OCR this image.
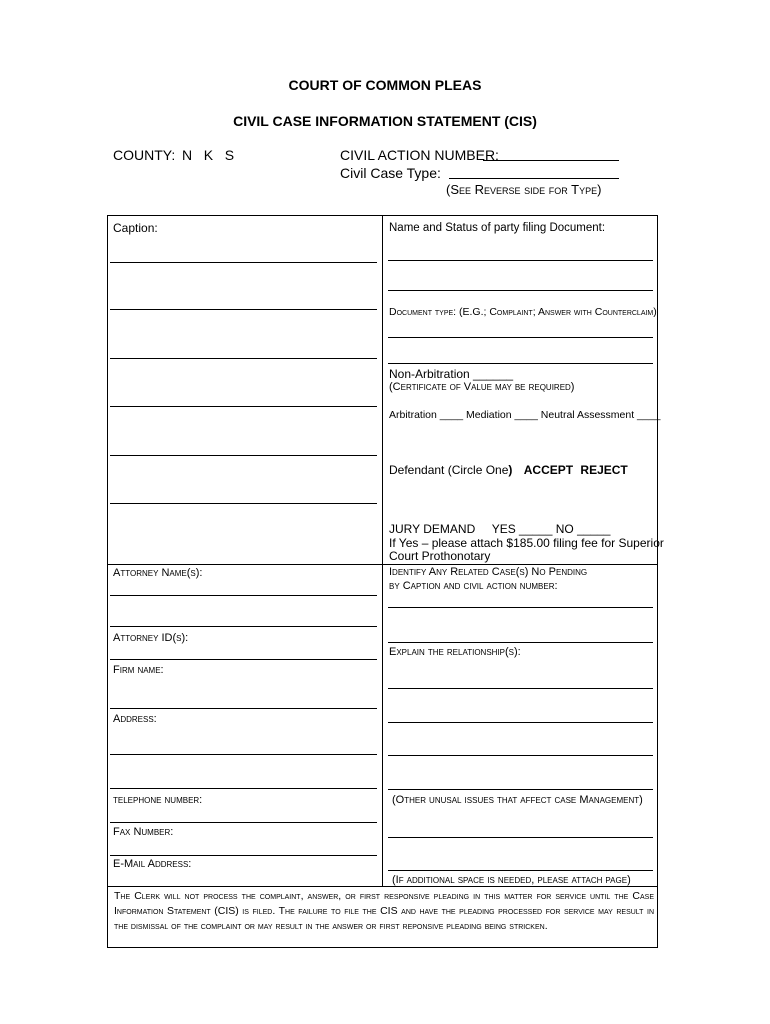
COURT OF COMMON PLEAS
CIVIL CASE INFORMATION STATEMENT (CIS)
COUNTY: N   K   S	CIVIL ACTION NUMBER:
Civil Case Type:
(See Reverse side for Type)
Caption:
Attorney Name(s):
Attorney ID(s):
Firm name:
Address:
telephone number:
Fax Number:
E-Mail Address:
Name and Status of party filing Document:
Document type: (E.G.; Complaint; Answer with Counterclaim)
Non-Arbitration ______
(Certificate of Value may be required)
Arbitration ____ Mediation ____ Neutral Assessment ____
Defendant (Circle One) ACCEPT REJECT
JURY DEMAND     YES _____ NO _____
If Yes – please attach $185.00 filing fee for Superior
Court Prothonotary
Identify Any Related Case(s) No Pending
by Caption and civil action number:
Explain the relationship(s):
(Other unusal issues that affect case Management)
(If additional space is needed, please attach page)
The Clerk will not process the complaint, answer, or first responsive pleading in this matter for service until the Case Information Statement (CIS) is filed. The failure to file the CIS and have the pleading processed for service may result in the dismissal of the complaint or may result in the answer or first reponsive pleading being stricken.
